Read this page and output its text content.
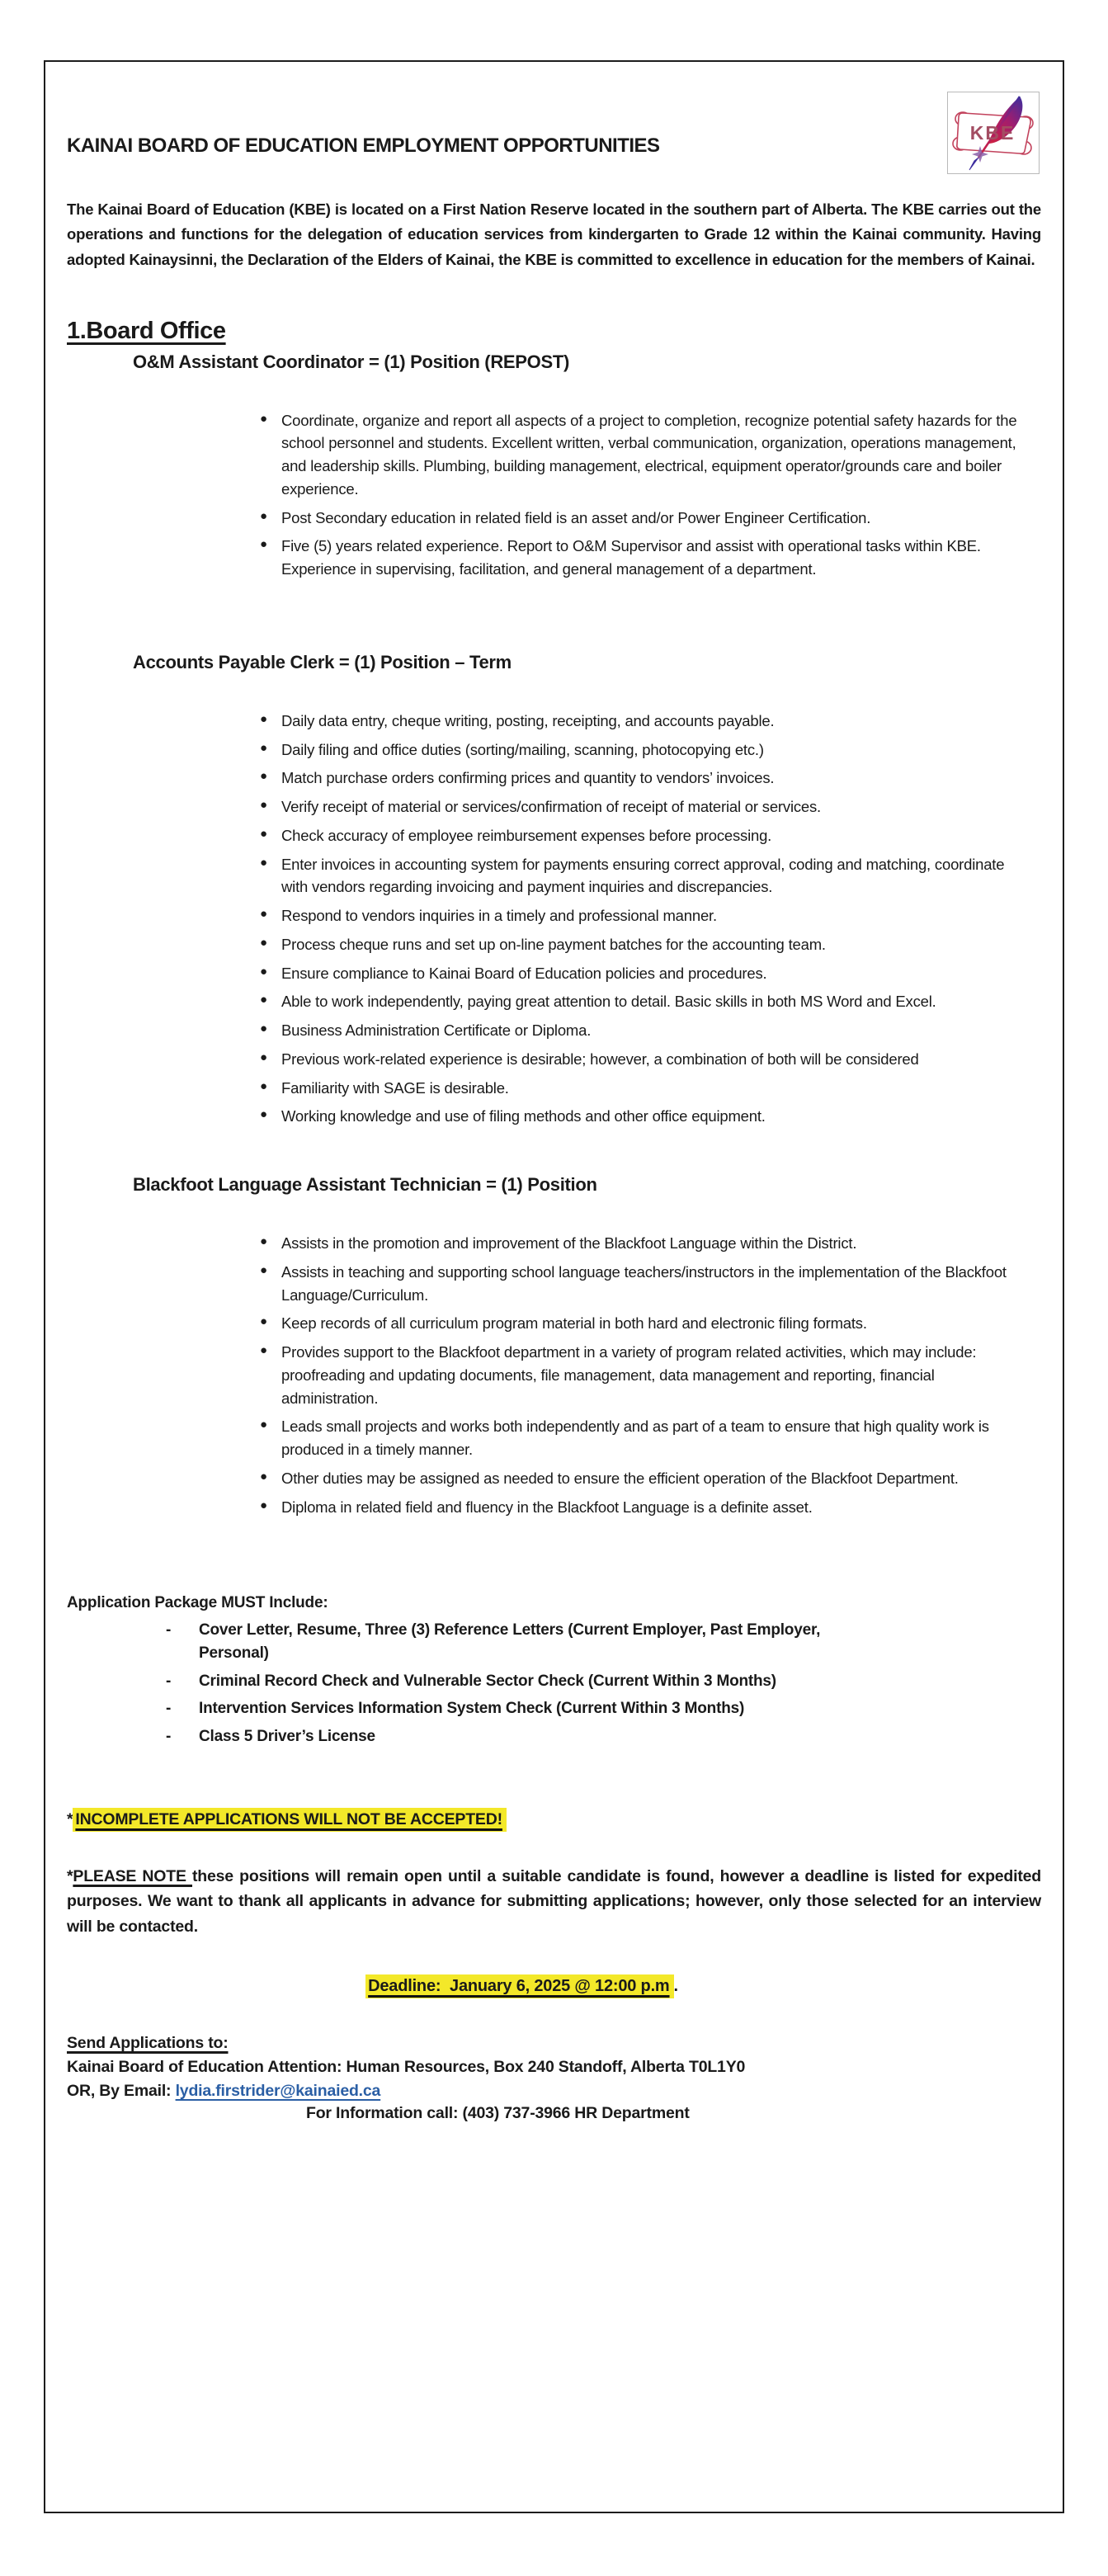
KBE
KAINAI BOARD OF EDUCATION EMPLOYMENT OPPORTUNITIES

The Kainai Board of Education (KBE) is located on a First Nation Reserve located in the southern part of Alberta. The KBE carries out the operations and functions for the delegation of education services from kindergarten to Grade 12 within the Kainai community. Having adopted Kainaysinni, the Declaration of the Elders of Kainai, the KBE is committed to excellence in education for the members of Kainai.

1.Board Office
O&M Assistant Coordinator = (1) Position (REPOST)
● Coordinate, organize and report all aspects of a project to completion, recognize potential safety hazards for the school personnel and students. Excellent written, verbal communication, organization, operations management, and leadership skills. Plumbing, building management, electrical, equipment operator/grounds care and boiler experience.
● Post Secondary education in related field is an asset and/or Power Engineer Certification.
● Five (5) years related experience. Report to O&M Supervisor and assist with operational tasks within KBE. Experience in supervising, facilitation, and general management of a department.
Accounts Payable Clerk = (1) Position – Term
● Daily data entry, cheque writing, posting, receipting, and accounts payable.
● Daily filing and office duties (sorting/mailing, scanning, photocopying etc.)
● Match purchase orders confirming prices and quantity to vendors’ invoices.
● Verify receipt of material or services/confirmation of receipt of material or services.
● Check accuracy of employee reimbursement expenses before processing.
● Enter invoices in accounting system for payments ensuring correct approval, coding and matching, coordinate with vendors regarding invoicing and payment inquiries and discrepancies.
● Respond to vendors inquiries in a timely and professional manner.
● Process cheque runs and set up on-line payment batches for the accounting team.
● Ensure compliance to Kainai Board of Education policies and procedures.
● Able to work independently, paying great attention to detail. Basic skills in both MS Word and Excel.
● Business Administration Certificate or Diploma.
● Previous work-related experience is desirable; however, a combination of both will be considered
● Familiarity with SAGE is desirable.
● Working knowledge and use of filing methods and other office equipment.
Blackfoot Language Assistant Technician = (1) Position
● Assists in the promotion and improvement of the Blackfoot Language within the District.
● Assists in teaching and supporting school language teachers/instructors in the implementation of the Blackfoot Language/Curriculum.
● Keep records of all curriculum program material in both hard and electronic filing formats.
● Provides support to the Blackfoot department in a variety of program related activities, which may include: proofreading and updating documents, file management, data management and reporting, financial administration.
● Leads small projects and works both independently and as part of a team to ensure that high quality work is produced in a timely manner.
● Other duties may be assigned as needed to ensure the efficient operation of the Blackfoot Department.
● Diploma in related field and fluency in the Blackfoot Language is a definite asset.
Application Package MUST Include:
- Cover Letter, Resume, Three (3) Reference Letters (Current Employer, Past Employer, Personal)
- Criminal Record Check and Vulnerable Sector Check (Current Within 3 Months)
- Intervention Services Information System Check (Current Within 3 Months)
- Class 5 Driver’s License

* INCOMPLETE APPLICATIONS WILL NOT BE ACCEPTED!

*PLEASE NOTE these positions will remain open until a suitable candidate is found, however a deadline is listed for expedited purposes. We want to thank all applicants in advance for submitting applications; however, only those selected for an interview will be contacted.

Deadline:  January 6, 2025 @ 12:00 p.m .

Send Applications to:

Kainai Board of Education Attention: Human Resources, Box 240 Standoff, Alberta T0L1Y0

OR, By Email: lydia.firstrider@kainaied.ca

For Information call: (403) 737-3966 HR Department
